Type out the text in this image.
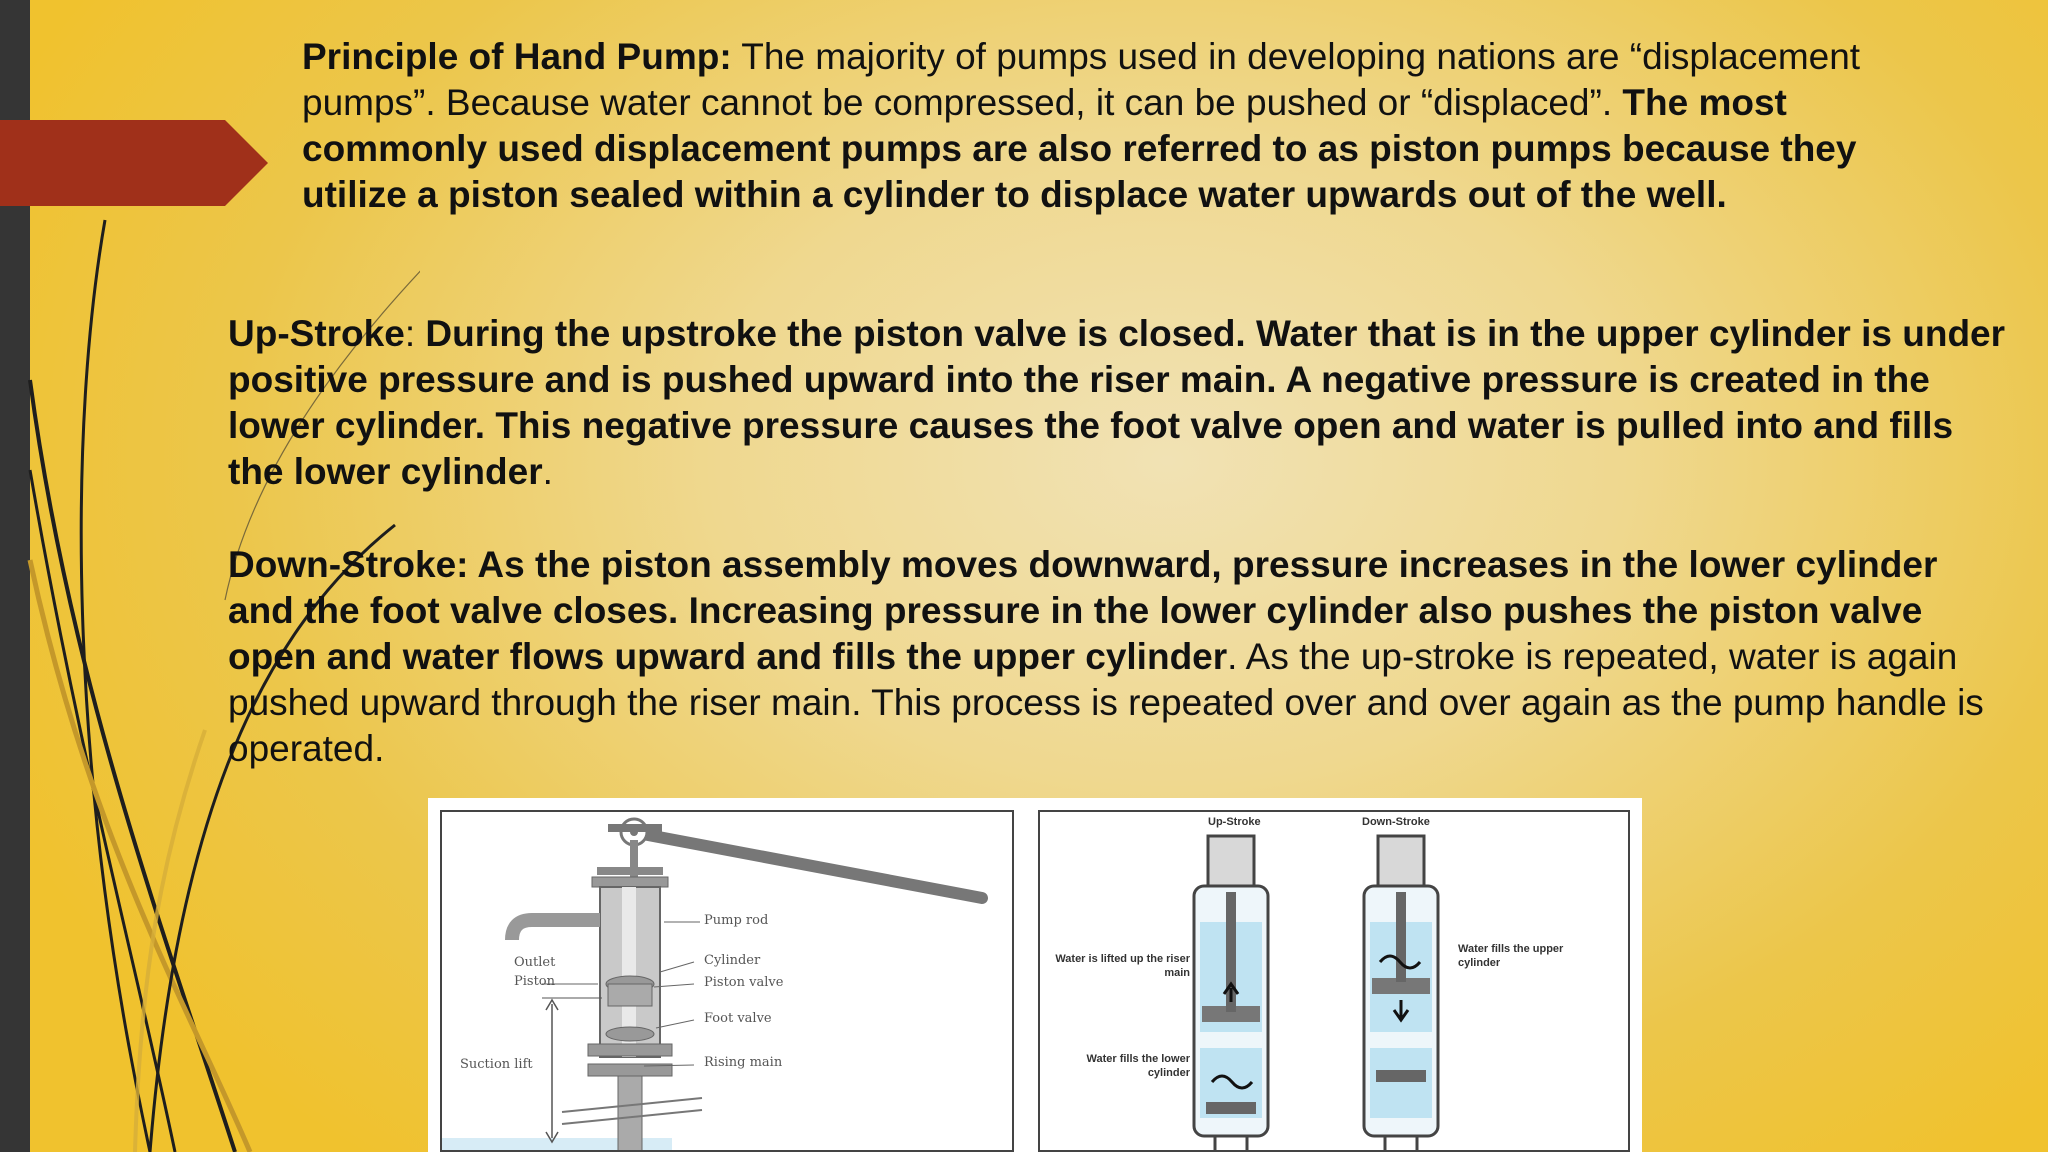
Principle of Hand Pump: The majority of pumps used in developing nations are “displacement pumps”. Because water cannot be compressed, it can be pushed or “displaced”. The most commonly used displacement pumps are also referred to as piston pumps because they utilize a piston sealed within a cylinder to displace water upwards out of the well.

Up-Stroke: During the upstroke the piston valve is closed. Water that is in the upper cylinder is under positive pressure and is pushed upward into the riser main. A negative pressure is created in the lower cylinder. This negative pressure causes the foot valve open and water is pulled into and fills the lower cylinder.

Down-Stroke: As the piston assembly moves downward, pressure increases in the lower cylinder and the foot valve closes. Increasing pressure in the lower cylinder also pushes the piston valve open and water flows upward and fills the upper cylinder. As the up-stroke is repeated, water is again pushed upward through the riser main. This process is repeated over and over again as the pump handle is operated.

Pump rod
Cylinder
Piston valve
Foot valve
Rising main
Outlet
Piston
Suction lift
Up-Stroke	Down-Stroke
Water is lifted up the riser main
Water fills the lower cylinder
Water fills the upper cylinder
